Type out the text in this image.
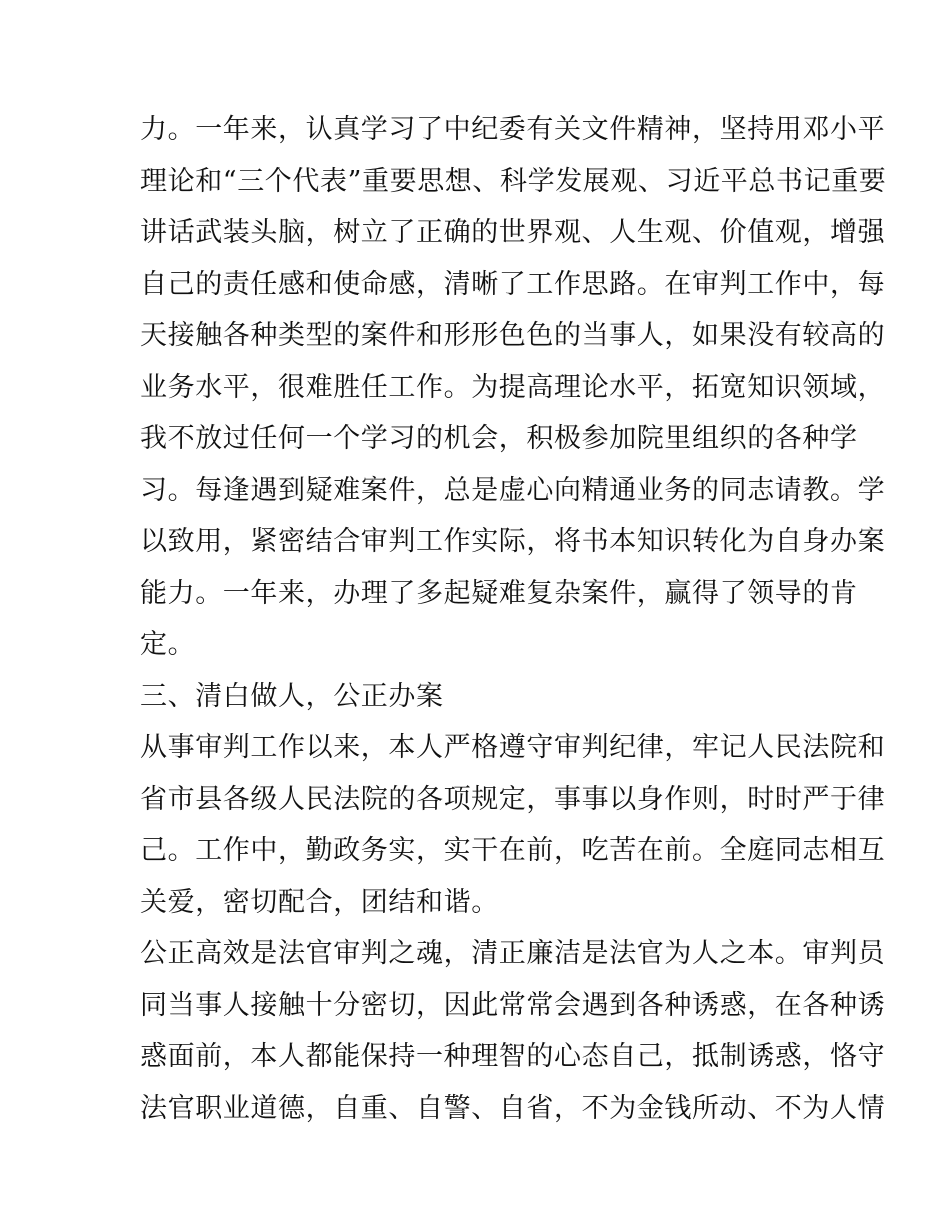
力。一年来，认真学习了中纪委有关文件精神，坚持用邓小平
理论和“三个代表”重要思想、科学发展观、习近平总书记重要
讲话武装头脑，树立了正确的世界观、人生观、价值观，增强
自己的责任感和使命感，清晰了工作思路。在审判工作中，每
天接触各种类型的案件和形形色色的当事人，如果没有较高的
业务水平，很难胜任工作。为提高理论水平，拓宽知识领域，
我不放过任何一个学习的机会，积极参加院里组织的各种学
习。每逢遇到疑难案件，总是虚心向精通业务的同志请教。学
以致用，紧密结合审判工作实际，将书本知识转化为自身办案
能力。一年来，办理了多起疑难复杂案件，赢得了领导的肯
定。
三、清白做人，公正办案
从事审判工作以来，本人严格遵守审判纪律，牢记人民法院和
省市县各级人民法院的各项规定，事事以身作则，时时严于律
己。工作中，勤政务实，实干在前，吃苦在前。全庭同志相互
关爱，密切配合，团结和谐。
公正高效是法官审判之魂，清正廉洁是法官为人之本。审判员
同当事人接触十分密切，因此常常会遇到各种诱惑，在各种诱
惑面前，本人都能保持一种理智的心态自己，抵制诱惑，恪守
法官职业道德，自重、自警、自省，不为金钱所动、不为人情
